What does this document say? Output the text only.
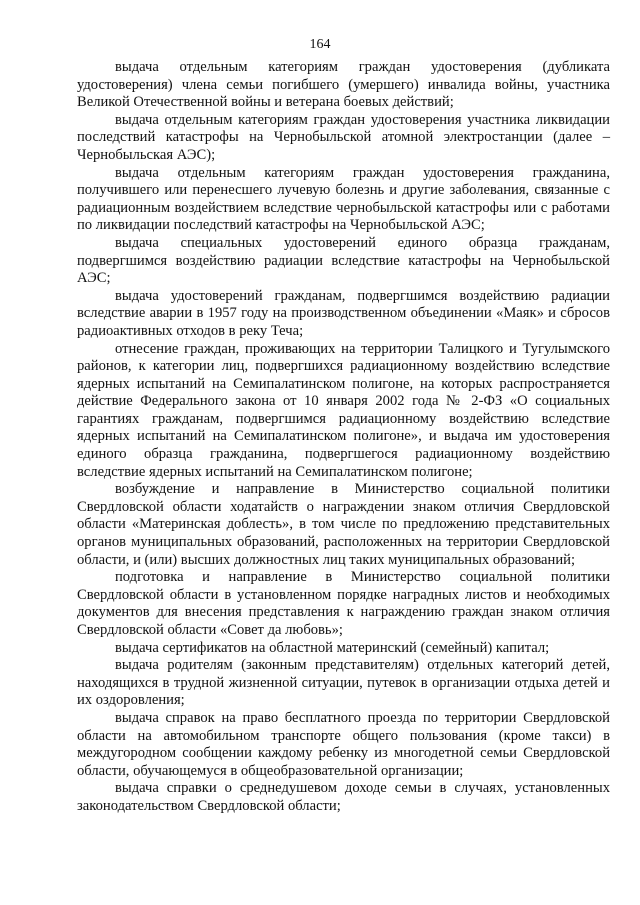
164

выдача отдельным категориям граждан удостоверения (дубликата удостоверения) члена семьи погибшего (умершего) инвалида войны, участника Великой Отечественной войны и ветерана боевых действий;

выдача отдельным категориям граждан удостоверения участника ликвидации последствий катастрофы на Чернобыльской атомной электростанции (далее – Чернобыльская АЭС);

выдача отдельным категориям граждан удостоверения гражданина, получившего или перенесшего лучевую болезнь и другие заболевания, связанные с радиационным воздействием вследствие чернобыльской катастрофы или с работами по ликвидации последствий катастрофы на Чернобыльской АЭС;

выдача специальных удостоверений единого образца гражданам, подвергшимся воздействию радиации вследствие катастрофы на Чернобыльской АЭС;

выдача удостоверений гражданам, подвергшимся воздействию радиации вследствие аварии в 1957 году на производственном объединении «Маяк» и сбросов радиоактивных отходов в реку Теча;

отнесение граждан, проживающих на территории Талицкого и Тугулымского районов, к категории лиц, подвергшихся радиационному воздействию вследствие ядерных испытаний на Семипалатинском полигоне, на которых распространяется действие Федерального закона от 10 января 2002 года № 2-ФЗ «О социальных гарантиях гражданам, подвергшимся радиационному воздействию вследствие ядерных испытаний на Семипалатинском полигоне», и выдача им удостоверения единого образца гражданина, подвергшегося радиационному воздействию вследствие ядерных испытаний на Семипалатинском полигоне;

возбуждение и направление в Министерство социальной политики Свердловской области ходатайств о награждении знаком отличия Свердловской области «Материнская доблесть», в том числе по предложению представительных органов муниципальных образований, расположенных на территории Свердловской области, и (или) высших должностных лиц таких муниципальных образований;

подготовка и направление в Министерство социальной политики Свердловской области в установленном порядке наградных листов и необходимых документов для внесения представления к награждению граждан знаком отличия Свердловской области «Совет да любовь»;

выдача сертификатов на областной материнский (семейный) капитал;

выдача родителям (законным представителям) отдельных категорий детей, находящихся в трудной жизненной ситуации, путевок в организации отдыха детей и их оздоровления;

выдача справок на право бесплатного проезда по территории Свердловской области на автомобильном транспорте общего пользования (кроме такси) в междугородном сообщении каждому ребенку из многодетной семьи Свердловской области, обучающемуся в общеобразовательной организации;

выдача справки о среднедушевом доходе семьи в случаях, установленных законодательством Свердловской области;
